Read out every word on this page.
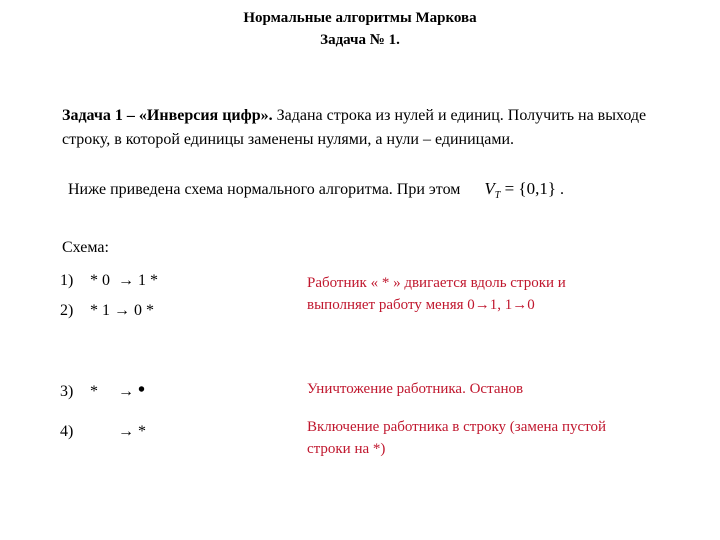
Нормальные алгоритмы Маркова
Задача № 1.
Задача 1 – «Инверсия цифр». Задана строка из нулей и единиц. Получить на выходе строку, в которой единицы заменены нулями, а нули – единицами.
Ниже приведена схема нормального алгоритма. При этом $V_T = \{0,1\}$ .
Схема:
1) * 0  → 1 *
2) * 1 → 0 *
3) *     → •
4)        → *
Работник « * » двигается вдоль строки и выполняет работу меняя 0→1, 1→0
Уничтожение работника. Останов
Включение работника в строку (замена пустой строки на *)
